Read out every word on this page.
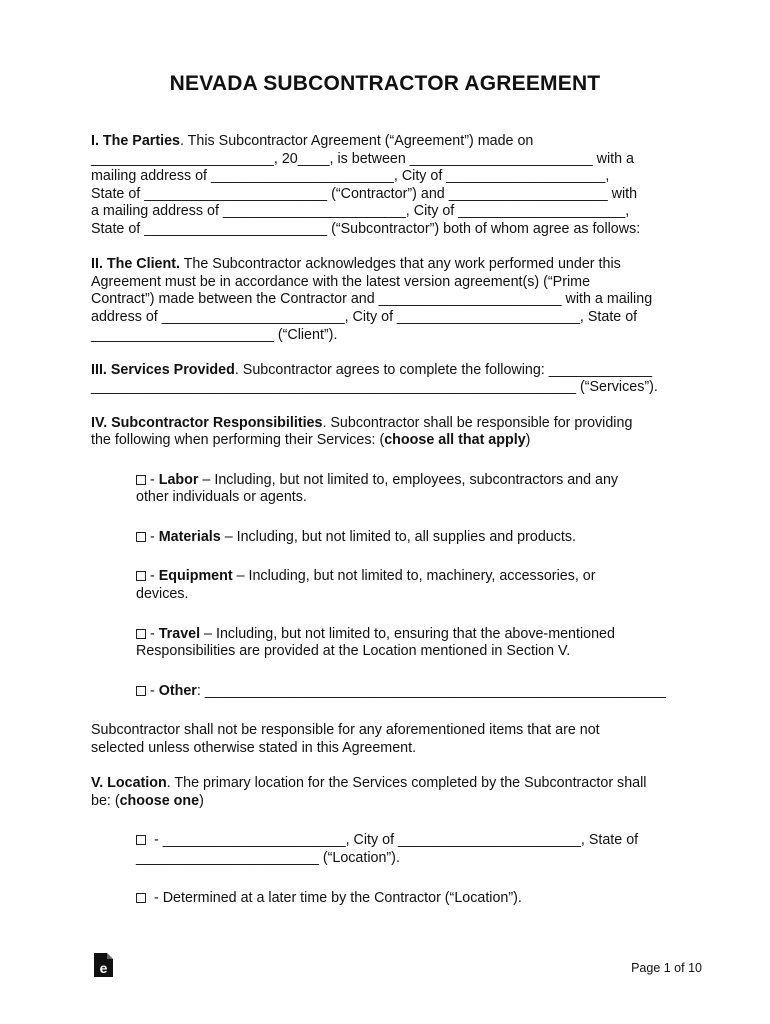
NEVADA SUBCONTRACTOR AGREEMENT
I. The Parties. This Subcontractor Agreement (“Agreement”) made on
_______________________, 20____, is between _______________________ with a
mailing address of _______________________, City of ____________________,
State of _______________________ (“Contractor”) and ____________________ with
a mailing address of _______________________, City of _____________________,
State of _______________________ (“Subcontractor”) both of whom agree as follows:
II. The Client. The Subcontractor acknowledges that any work performed under this
Agreement must be in accordance with the latest version agreement(s) (“Prime
Contract”) made between the Contractor and _______________________ with a mailing
address of _______________________, City of _______________________, State of
_______________________ (“Client”).
III. Services Provided. Subcontractor agrees to complete the following: _____________
_____________________________________________________________ (“Services”).
IV. Subcontractor Responsibilities. Subcontractor shall be responsible for providing
the following when performing their Services: (choose all that apply)
- Labor – Including, but not limited to, employees, subcontractors and any
other individuals or agents.
- Materials – Including, but not limited to, all supplies and products.
- Equipment – Including, but not limited to, machinery, accessories, or
devices.
- Travel – Including, but not limited to, ensuring that the above-mentioned
Responsibilities are provided at the Location mentioned in Section V.
- Other: __________________________________________________________
Subcontractor shall not be responsible for any aforementioned items that are not
selected unless otherwise stated in this Agreement.
V. Location. The primary location for the Services completed by the Subcontractor shall
be: (choose one)
- _______________________, City of _______________________, State of
_______________________ (“Location”).
- Determined at a later time by the Contractor (“Location”).
e	Page 1 of 10
